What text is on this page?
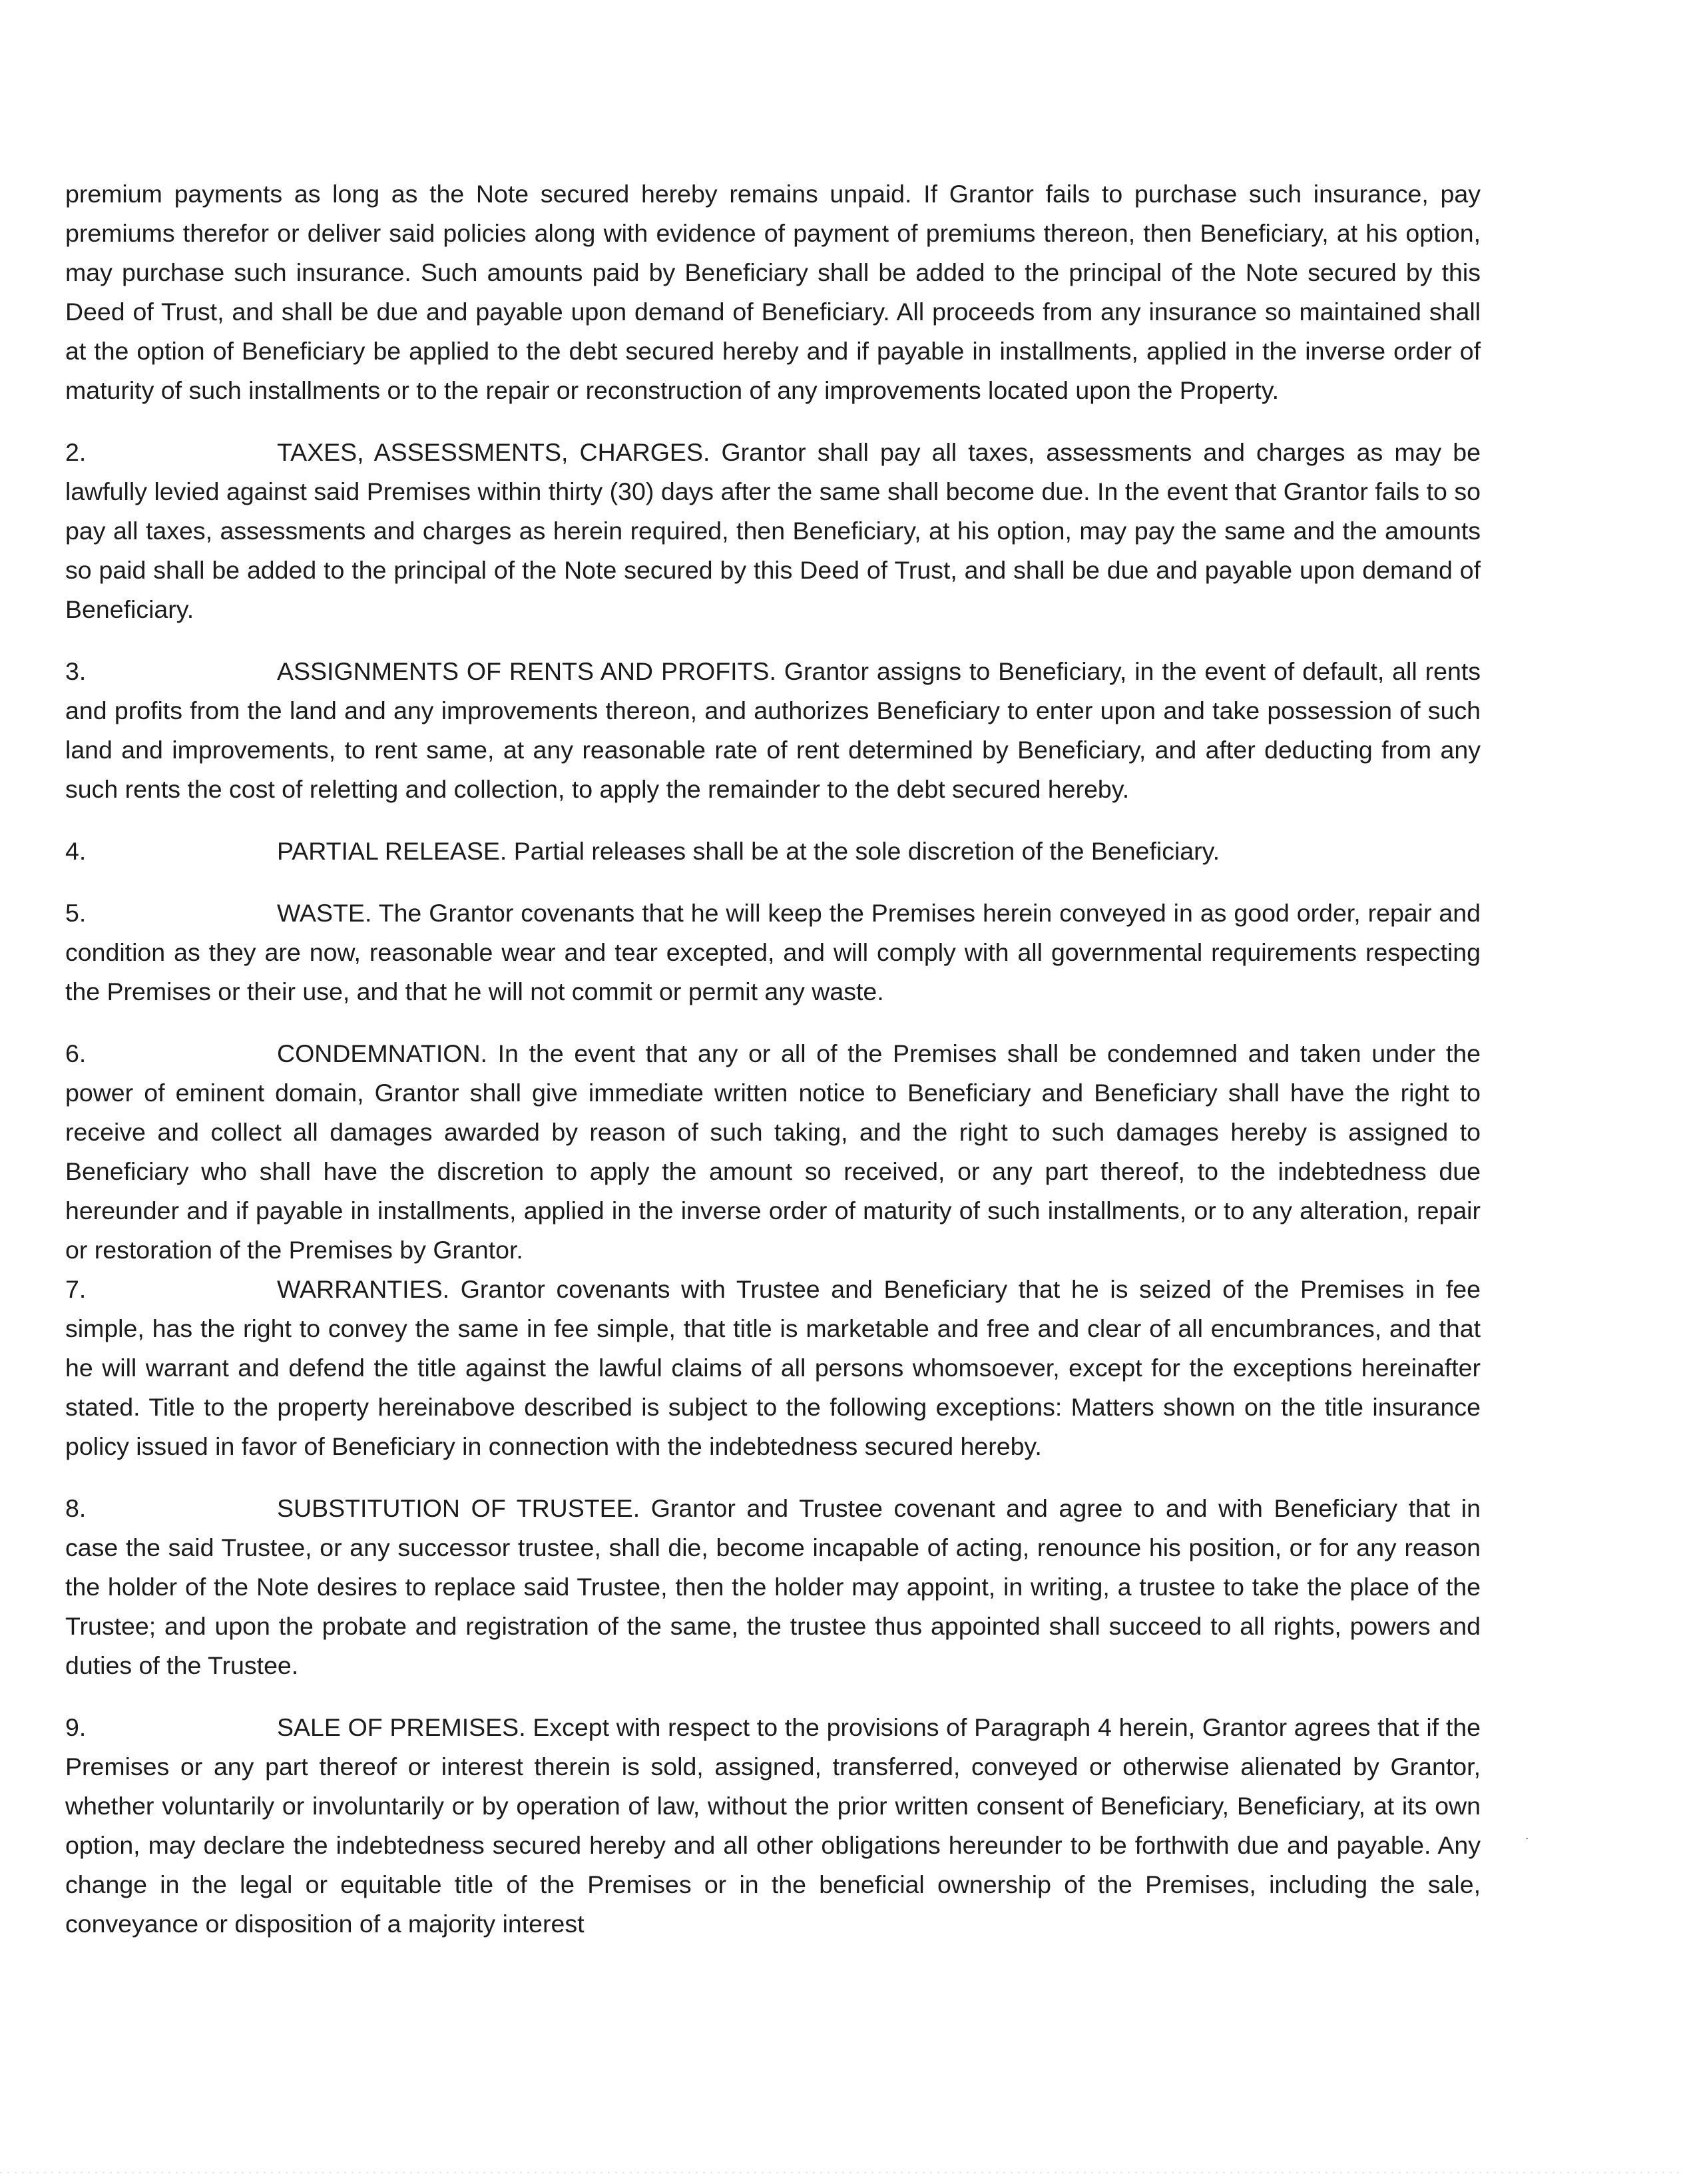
premium payments as long as the Note secured hereby remains unpaid. If Grantor fails to purchase such insurance, pay premiums therefor or deliver said policies along with evidence of payment of premiums thereon, then Beneficiary, at his option, may purchase such insurance. Such amounts paid by Beneficiary shall be added to the principal of the Note secured by this Deed of Trust, and shall be due and payable upon demand of Beneficiary. All proceeds from any insurance so maintained shall at the option of Beneficiary be applied to the debt secured hereby and if payable in installments, applied in the inverse order of maturity of such installments or to the repair or reconstruction of any improvements located upon the Property.

2.	TAXES, ASSESSMENTS, CHARGES. Grantor shall pay all taxes, assessments and charges as may be lawfully levied against said Premises within thirty (30) days after the same shall become due. In the event that Grantor fails to so pay all taxes, assessments and charges as herein required, then Beneficiary, at his option, may pay the same and the amounts so paid shall be added to the principal of the Note secured by this Deed of Trust, and shall be due and payable upon demand of Beneficiary.

3.	ASSIGNMENTS OF RENTS AND PROFITS. Grantor assigns to Beneficiary, in the event of default, all rents and profits from the land and any improvements thereon, and authorizes Beneficiary to enter upon and take possession of such land and improvements, to rent same, at any reasonable rate of rent determined by Beneficiary, and after deducting from any such rents the cost of reletting and collection, to apply the remainder to the debt secured hereby.

4.	PARTIAL RELEASE. Partial releases shall be at the sole discretion of the Beneficiary.

5.	WASTE. The Grantor covenants that he will keep the Premises herein conveyed in as good order, repair and condition as they are now, reasonable wear and tear excepted, and will comply with all governmental requirements respecting the Premises or their use, and that he will not commit or permit any waste.

6.	CONDEMNATION. In the event that any or all of the Premises shall be condemned and taken under the power of eminent domain, Grantor shall give immediate written notice to Beneficiary and Beneficiary shall have the right to receive and collect all damages awarded by reason of such taking, and the right to such damages hereby is assigned to Beneficiary who shall have the discretion to apply the amount so received, or any part thereof, to the indebtedness due hereunder and if payable in installments, applied in the inverse order of maturity of such installments, or to any alteration, repair or restoration of the Premises by Grantor.

7.	WARRANTIES. Grantor covenants with Trustee and Beneficiary that he is seized of the Premises in fee simple, has the right to convey the same in fee simple, that title is marketable and free and clear of all encumbrances, and that he will warrant and defend the title against the lawful claims of all persons whomsoever, except for the exceptions hereinafter stated. Title to the property hereinabove described is subject to the following exceptions: Matters shown on the title insurance policy issued in favor of Beneficiary in connection with the indebtedness secured hereby.

8.	SUBSTITUTION OF TRUSTEE. Grantor and Trustee covenant and agree to and with Beneficiary that in case the said Trustee, or any successor trustee, shall die, become incapable of acting, renounce his position, or for any reason the holder of the Note desires to replace said Trustee, then the holder may appoint, in writing, a trustee to take the place of the Trustee; and upon the probate and registration of the same, the trustee thus appointed shall succeed to all rights, powers and duties of the Trustee.

9.	SALE OF PREMISES. Except with respect to the provisions of Paragraph 4 herein, Grantor agrees that if the Premises or any part thereof or interest therein is sold, assigned, transferred, conveyed or otherwise alienated by Grantor, whether voluntarily or involuntarily or by operation of law, without the prior written consent of Beneficiary, Beneficiary, at its own option, may declare the indebtedness secured hereby and all other obligations hereunder to be forthwith due and payable. Any change in the legal or equitable title of the Premises or in the beneficial ownership of the Premises, including the sale, conveyance or disposition of a majority interest
